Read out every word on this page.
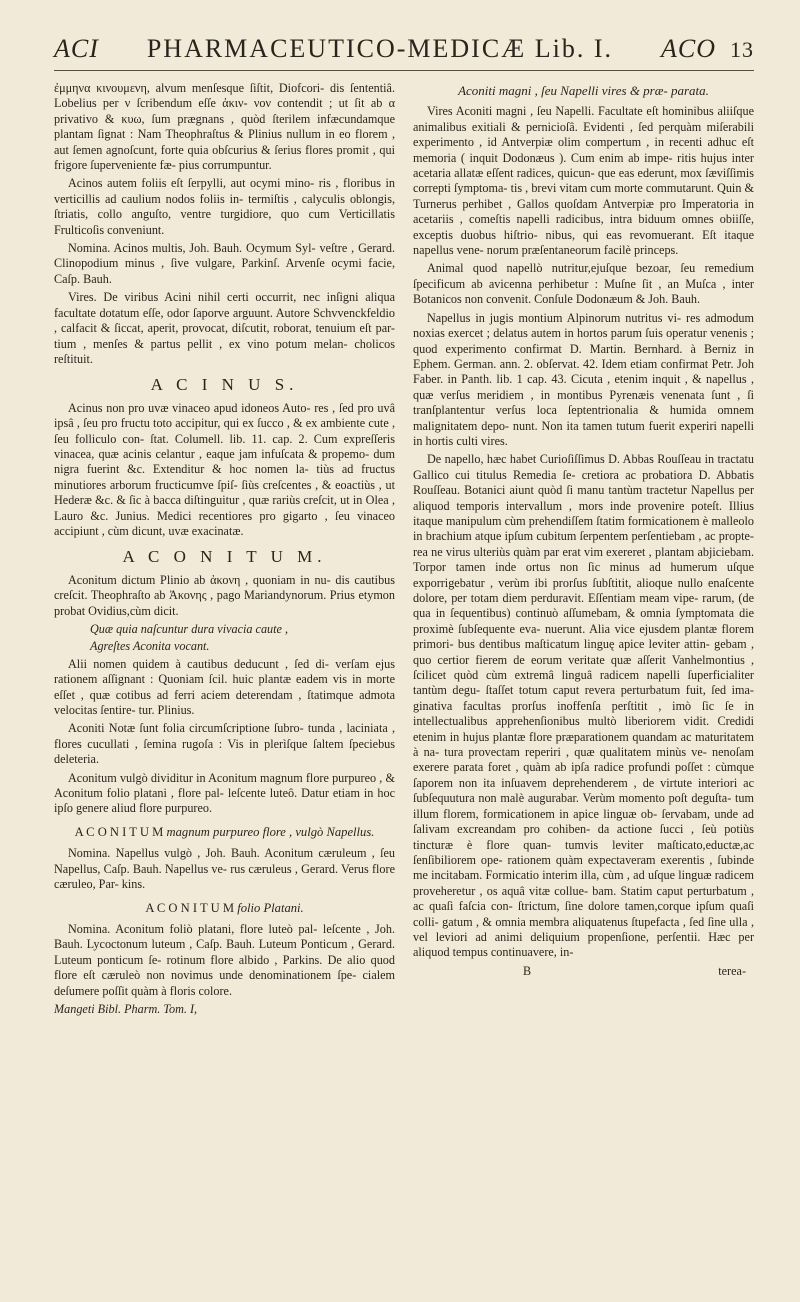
ACI	PHARMACEUTICO-MEDICÆ Lib. I.	ACO 13

ἐμμηνα κινουμενη, alvum menſesque ſiſtit, Diofcori- dis ſententiâ. Lobelius per ν ſcribendum eſſe ἀκιν- νον contendit ; ut ſit ab α privativo & κυω, ſum prægnans , quòd ſterilem infæcundamque plantam ſignat : Nam Theophraſtus & Plinius nullum in eo florem , aut ſemen agnoſcunt, forte quia obſcurius & ſerius flores promit , qui frigore ſuperveniente fæ- pius corrumpuntur.

Acinos autem foliis eſt ſerpylli, aut ocymi mino- ris , floribus in verticillis ad caulium nodos foliis in- termiſtis , calyculis oblongis, ſtriatis, collo anguſto, ventre turgidiore, quo cum Verticillatis Frulticoſis conveniunt.

Nomina. Acinos multis, Joh. Bauh. Ocymum Syl- veſtre , Gerard. Clinopodium minus , ſive vulgare, Parkinſ. Arvenſe ocymi facie, Caſp. Bauh.

Vires. De viribus Acini nihil certi occurrit, nec inſigni aliqua facultate dotatum eſſe, odor ſaporve arguunt. Autore Schvvenckfeldio , calfacit & ſiccat, aperit, provocat, diſcutit, roborat, tenuium eſt par- tium , menſes & partus pellit , ex vino potum melan- cholicos reſtituit.

A C I N U S.

Acinus non pro uvæ vinaceo apud idoneos Auto- res , ſed pro uvâ ipsâ , ſeu pro fructu toto accipitur, qui ex ſucco , & ex ambiente cute , ſeu folliculo con- ſtat. Columell. lib. 11. cap. 2. Cum expreſſeris vinacea, quæ acinis celantur , eaque jam infuſcata & propemo- dum nigra fuerint &c. Extenditur & hoc nomen la- tiùs ad fructus minutiores arborum fructicumve ſpiſ- ſiùs creſcentes , & eoactiùs , ut Hederæ &c. & ſic à bacca diſtinguitur , quæ rariùs creſcit, ut in Olea , Lauro &c. Junius. Medici recentiores pro gigarto , ſeu vinaceo accipiunt , cùm dicunt, uvæ exacinatæ.

A C O N I T U M.

Aconitum dictum Plinio ab ἀκονη , quoniam in nu- dis cautibus creſcit. Theophraſto ab Ἀκονης , pago Mariandynorum. Prius etymon probat Ovidius,cùm dicit.

Quæ quia naſcuntur dura vivacia caute ,
Agreſtes Aconita vocant.

Alii nomen quidem à cautibus deducunt , ſed di- verſam ejus rationem aſſignant : Quoniam ſcil. huic plantæ eadem vis in morte eſſet , quæ cotibus ad ferri aciem deterendam , ſtatimque admota velocitas ſentire- tur. Plinius.

Aconiti Notæ ſunt folia circumſcriptione ſubro- tunda , laciniata , flores cucullati , ſemina rugoſa : Vis in plerìſque ſaltem ſpeciebus deleteria.

Aconitum vulgò dividitur in Aconitum magnum flore purpureo , & Aconitum folio platani , flore pal- leſcente luteô. Datur etiam in hoc ipſo genere aliud flore purpureo.

A C O N I T U M magnum purpureo flore , vulgò Napellus.

Nomina. Napellus vulgò , Joh. Bauh. Aconitum cæruleum , ſeu Napellus, Caſp. Bauh. Napellus ve- rus cæruleus , Gerard. Verus flore cæruleo, Par- kins.

A C O N I T U M folio Platani.

Nomina. Aconitum foliò platani, flore luteò pal- leſcente , Joh. Bauh. Lycoctonum luteum , Caſp. Bauh. Luteum Ponticum , Gerard. Luteum ponticum ſe- rotinum flore albido , Parkins. De alio quod flore eſt cæruleò non novimus unde denominationem ſpe- cialem deſumere poſſit quàm à floris colore.

Mangeti Bibl. Pharm. Tom. I,

Aconiti magni , ſeu Napelli vires & præ- parata.

Vires Aconiti magni , ſeu Napelli. Facultate eſt hominibus aliiſque animalibus exitiali & pernicioſâ. Evidenti , ſed perquàm miſerabili experimento , id Antverpiæ olim compertum , in recenti adhuc eſt memoria ( inquit Dodonæus ). Cum enim ab impe- ritis hujus inter acetaria allatæ eſſent radices, quicun- que eas ederunt, mox ſæviſſimis correpti ſymptoma- tis , brevi vitam cum morte commutarunt. Quin & Turnerus perhibet , Gallos quoſdam Antverpiæ pro Imperatoria in acetariis , comeſtis napelli radicibus, intra biduum omnes obiiſſe, exceptis duobus hiſtrio- nibus, qui eas revomuerant. Eſt itaque napellus vene- norum præſentaneorum facilè princeps.

Animal quod napellò nutritur,ejuſque bezoar, ſeu remedium ſpecificum ab avicenna perhibetur : Muſne ſit , an Muſca , inter Botanicos non convenit. Conſule Dodonæum & Joh. Bauh.

Napellus in jugis montium Alpinorum nutritus vi- res admodum noxias exercet ; delatus autem in hortos parum ſuis operatur venenis ; quod experimento confirmat D. Martin. Bernhard. à Berniz in Ephem. German. ann. 2. obſervat. 42. Idem etiam confirmat Petr. Joh Faber. in Panth. lib. 1 cap. 43. Cicuta , etenim inquit , & napellus , quæ verſus meridiem , in montibus Pyrenæis venenata ſunt , ſi tranſplantentur verſus loca ſeptentrionalia & humida omnem malignitatem depo- nunt. Non ita tamen tutum fuerit experiri napelli in hortis culti vires.

De napello, hæc habet Curioſiſſimus D. Abbas Rouſſeau in tractatu Gallico cui titulus Remedia ſe- cretiora ac probatiora D. Abbatis Rouſſeau. Botanici aiunt quòd ſi manu tantùm tractetur Napellus per aliquod temporis intervallum , mors inde provenire poteſt. Illius itaque manipulum cùm prehendiſſem ſtatim formicationem è malleolo in brachium atque ipſum cubitum ſerpentem perſentiebam , ac propte- rea ne virus ulteriùs quàm par erat vim exereret , plantam abjiciebam. Torpor tamen inde ortus non ſic minus ad humerum uſque exporrigebatur , verùm ibi prorſus ſubſtitit, alioque nullo enaſcente dolore, per totam diem perduravit. Eſſentiam meam vipe- rarum, (de qua in ſequentibus) continuò aſſumebam, & omnia ſymptomata die proximè ſubſequente eva- nuerunt. Alia vice ejusdem plantæ florem primori- bus dentibus maſticatum linguę apice leviter attin- gebam , quo certior fierem de eorum veritate quæ aſſerit Vanhelmontius , ſcilicet quòd cùm extremâ linguâ radicem napelli ſuperficialiter tantùm degu- ſtaſſet totum caput revera perturbatum fuit, ſed ima- ginativa facultas prorſus inoffenſa perſtitit , imò ſic ſe in intellectualibus apprehenſionibus multò liberiorem vidit. Credidi etenim in hujus plantæ flore præparationem quandam ac maturitatem à na- tura provectam reperiri , quæ qualitatem minùs ve- nenoſam exerere parata foret , quàm ab ipſa radice profundi poſſet : cùmque ſaporem non ita inſuavem deprehenderem , de virtute interiori ac ſubſequutura non malè augurabar. Verùm momento poſt deguſta- tum illum florem, formicationem in apice linguæ ob- ſervabam, unde ad ſalivam excreandam pro cohiben- da actione ſucci , ſeù potiùs tincturæ è flore quan- tumvis leviter maſticato,eductæ,ac ſenſibiliorem ope- rationem quàm expectaveram exerentis , ſubinde me incitabam. Formicatio interim illa, cùm , ad uſque linguæ radicem proveheretur , os aquâ vitæ collue- bam. Statim caput perturbatum , ac quaſi faſcia con- ſtrictum, ſine dolore tamen,corque ipſum quaſi colli- gatum , & omnia membra aliquatenus ſtupefacta , ſed ſine ulla , vel leviori ad animi deliquium propenſione, perſentii. Hæc per aliquod tempus continuavere, in-

B	terea-
